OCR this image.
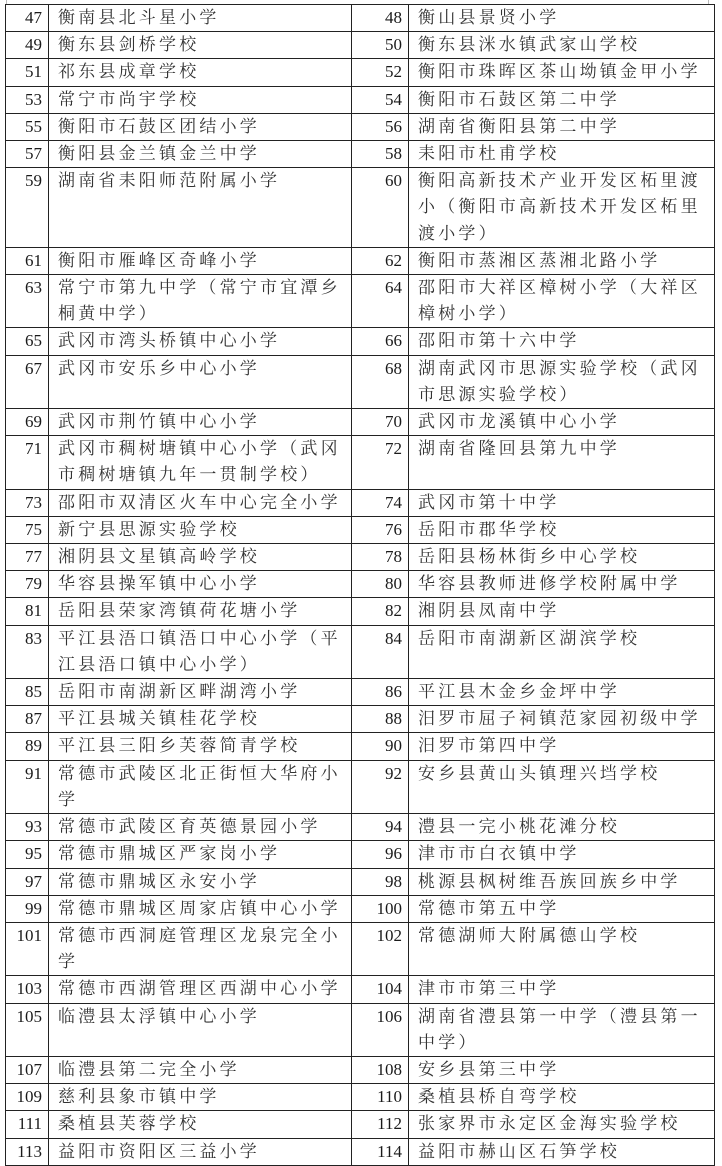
47	衡南县北斗星小学	48	衡山县景贤小学
49	衡东县剑桥学校	50	衡东县洣水镇武家山学校
51	祁东县成章学校	52	衡阳市珠晖区茶山坳镇金甲小学
53	常宁市尚宇学校	54	衡阳市石鼓区第二中学
55	衡阳市石鼓区团结小学	56	湖南省衡阳县第二中学
57	衡阳县金兰镇金兰中学	58	耒阳市杜甫学校
59	湖南省耒阳师范附属小学	60	衡阳高新技术产业开发区柘里渡小（衡阳市高新技术开发区柘里渡小学）
61	衡阳市雁峰区奇峰小学	62	衡阳市蒸湘区蒸湘北路小学
63	常宁市第九中学（常宁市宜潭乡桐黄中学）	64	邵阳市大祥区樟树小学（大祥区樟树小学）
65	武冈市湾头桥镇中心小学	66	邵阳市第十六中学
67	武冈市安乐乡中心小学	68	湖南武冈市思源实验学校（武冈市思源实验学校）
69	武冈市荆竹镇中心小学	70	武冈市龙溪镇中心小学
71	武冈市稠树塘镇中心小学（武冈市稠树塘镇九年一贯制学校）	72	湖南省隆回县第九中学
73	邵阳市双清区火车中心完全小学	74	武冈市第十中学
75	新宁县思源实验学校	76	岳阳市郡华学校
77	湘阴县文星镇高岭学校	78	岳阳县杨林街乡中心学校
79	华容县操军镇中心小学	80	华容县教师进修学校附属中学
81	岳阳县荣家湾镇荷花塘小学	82	湘阴县凤南中学
83	平江县浯口镇浯口中心小学（平江县浯口镇中心小学）	84	岳阳市南湖新区湖滨学校
85	岳阳市南湖新区畔湖湾小学	86	平江县木金乡金坪中学
87	平江县城关镇桂花学校	88	汨罗市屈子祠镇范家园初级中学
89	平江县三阳乡芙蓉简青学校	90	汨罗市第四中学
91	常德市武陵区北正街恒大华府小学	92	安乡县黄山头镇理兴垱学校
93	常德市武陵区育英德景园小学	94	澧县一完小桃花滩分校
95	常德市鼎城区严家岗小学	96	津市市白衣镇中学
97	常德市鼎城区永安小学	98	桃源县枫树维吾族回族乡中学
99	常德市鼎城区周家店镇中心小学	100	常德市第五中学
101	常德市西洞庭管理区龙泉完全小学	102	常德湖师大附属德山学校
103	常德市西湖管理区西湖中心小学	104	津市市第三中学
105	临澧县太浮镇中心小学	106	湖南省澧县第一中学（澧县第一中学）
107	临澧县第二完全小学	108	安乡县第三中学
109	慈利县象市镇中学	110	桑植县桥自弯学校
111	桑植县芙蓉学校	112	张家界市永定区金海实验学校
113	益阳市资阳区三益小学	114	益阳市赫山区石笋学校
